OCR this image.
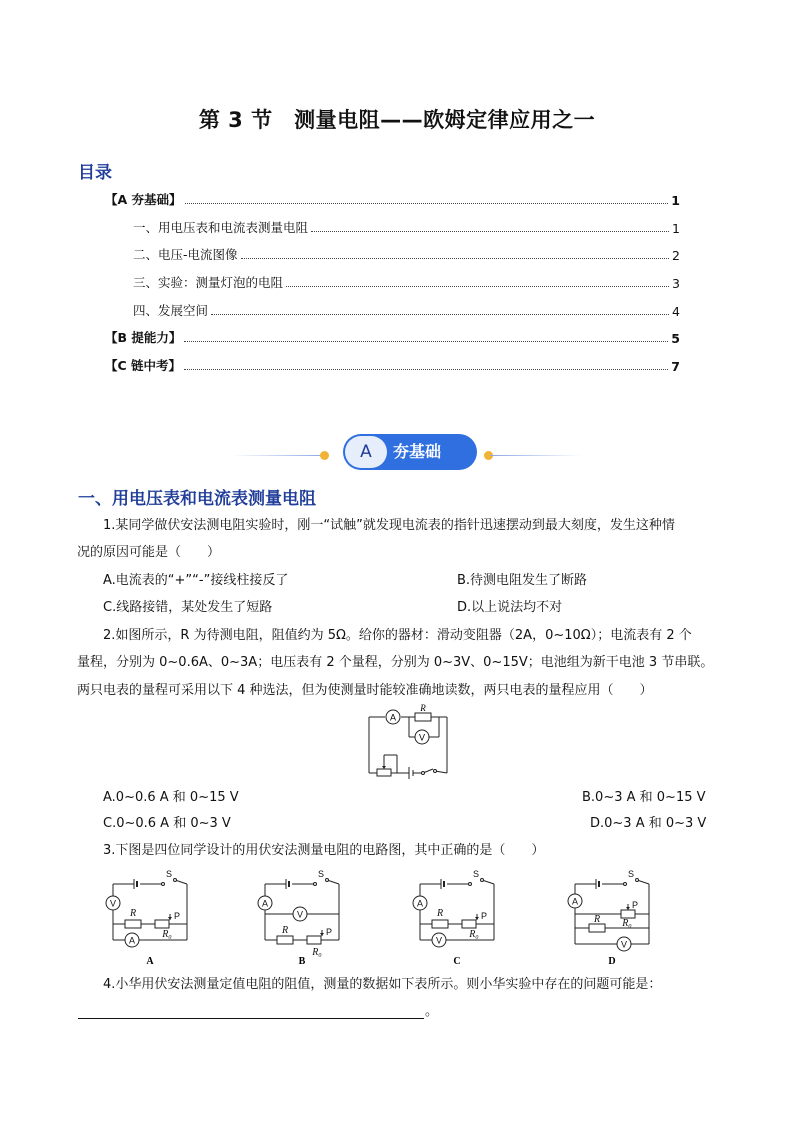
第 3 节　测量电阻——欧姆定律应用之一
目录
【A 夯基础】	1
一、用电压表和电流表测量电阻	1
二、电压-电流图像	2
三、实验：测量灯泡的电阻	3
四、发展空间	4
【B 提能力】	5
【C 链中考】	7
A	夯基础
一、用电压表和电流表测量电阻
1.某同学做伏安法测电阻实验时，刚一“试触”就发现电流表的指针迅速摆动到最大刻度，发生这种情
况的原因可能是（　　）
A.电流表的“+”“-”接线柱接反了	B.待测电阻发生了断路
C.线路接错，某处发生了短路	D.以上说法均不对
2.如图所示，R 为待测电阻，阻值约为 5Ω。给你的器材：滑动变阻器（2A，0~10Ω）；电流表有 2 个
量程，分别为 0~0.6A、0~3A；电压表有 2 个量程，分别为 0~3V、0~15V；电池组为新干电池 3 节串联。
两只电表的量程可采用以下 4 种选法，但为使测量时能较准确地读数，两只电表的量程应用（　　）
A
V
R
A.0~0.6 A 和 0~15 V	B.0~3 A 和 0~15 V
C.0~0.6 A 和 0~3 V	D.0~3 A 和 0~3 V
3.下图是四位同学设计的用伏安法测量电阻的电路图，其中正确的是（　　）
V
A
S
P
R
R₀
A
A
V
S
P
R
R₀
B
A
V
S
P
R
R₀
C
A
V
S
P
R R₀
D
4.小华用伏安法测量定值电阻的阻值，测量的数据如下表所示。则小华实验中存在的问题可能是：
。
